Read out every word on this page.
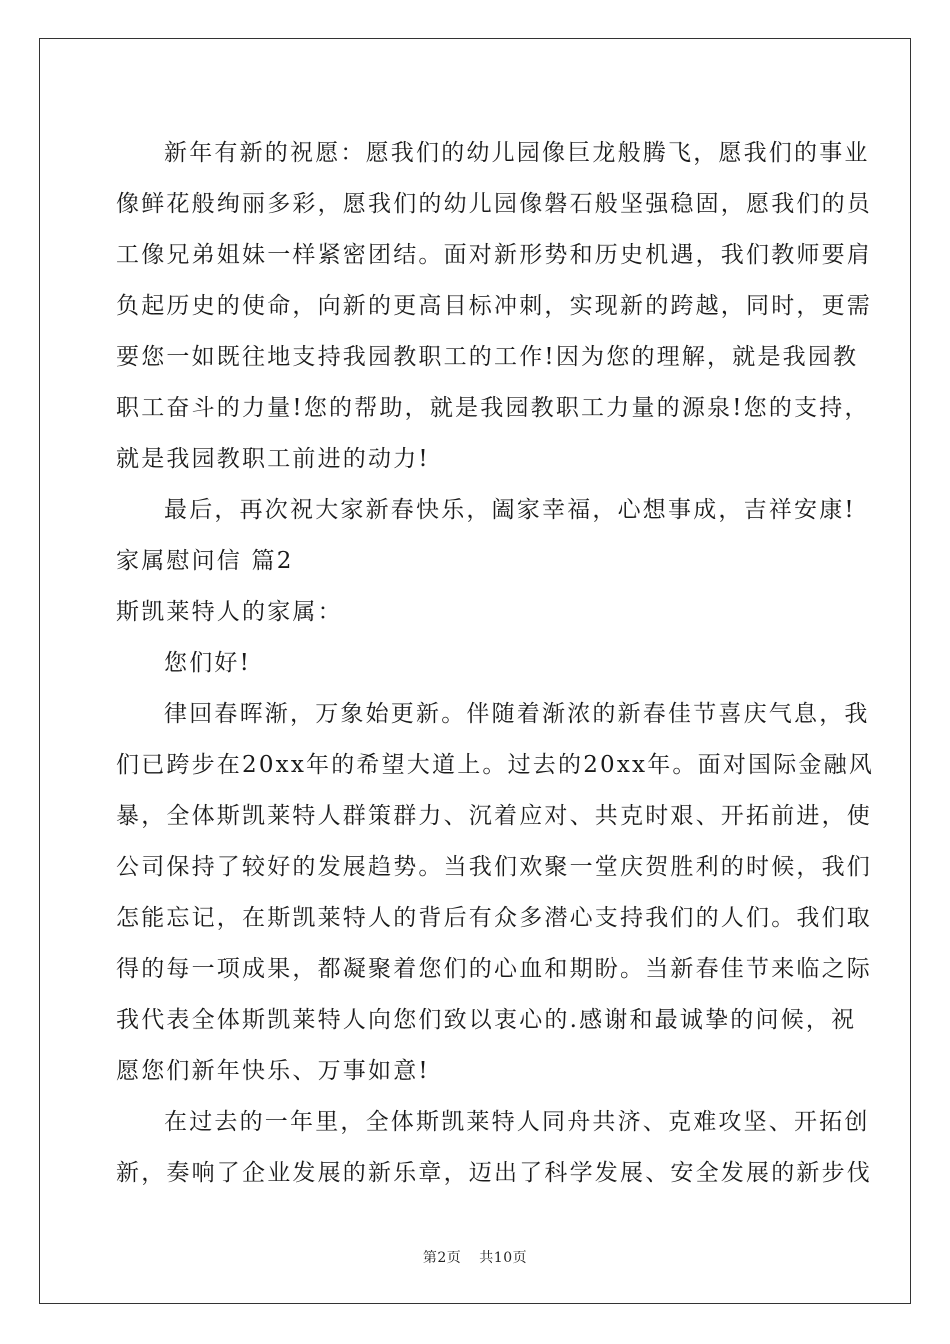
新年有新的祝愿：愿我们的幼儿园像巨龙般腾飞，愿我们的事业
像鲜花般绚丽多彩，愿我们的幼儿园像磐石般坚强稳固，愿我们的员
工像兄弟姐妹一样紧密团结。面对新形势和历史机遇，我们教师要肩
负起历史的使命，向新的更高目标冲刺，实现新的跨越，同时，更需
要您一如既往地支持我园教职工的工作!因为您的理解，就是我园教
职工奋斗的力量!您的帮助，就是我园教职工力量的源泉!您的支持，
就是我园教职工前进的动力!
最后，再次祝大家新春快乐，阖家幸福，心想事成，吉祥安康!
家属慰问信 篇2
斯凯莱特人的家属：
您们好!
律回春晖渐，万象始更新。伴随着渐浓的新春佳节喜庆气息，我
们已跨步在20xx年的希望大道上。过去的20xx年。面对国际金融风
暴，全体斯凯莱特人群策群力、沉着应对、共克时艰、开拓前进，使
公司保持了较好的发展趋势。当我们欢聚一堂庆贺胜利的时候，我们
怎能忘记，在斯凯莱特人的背后有众多潜心支持我们的人们。我们取
得的每一项成果，都凝聚着您们的心血和期盼。当新春佳节来临之际
我代表全体斯凯莱特人向您们致以衷心的.感谢和最诚挚的问候，祝
愿您们新年快乐、万事如意!
在过去的一年里，全体斯凯莱特人同舟共济、克难攻坚、开拓创
新，奏响了企业发展的新乐章，迈出了科学发展、安全发展的新步伐
第2页 共10页
